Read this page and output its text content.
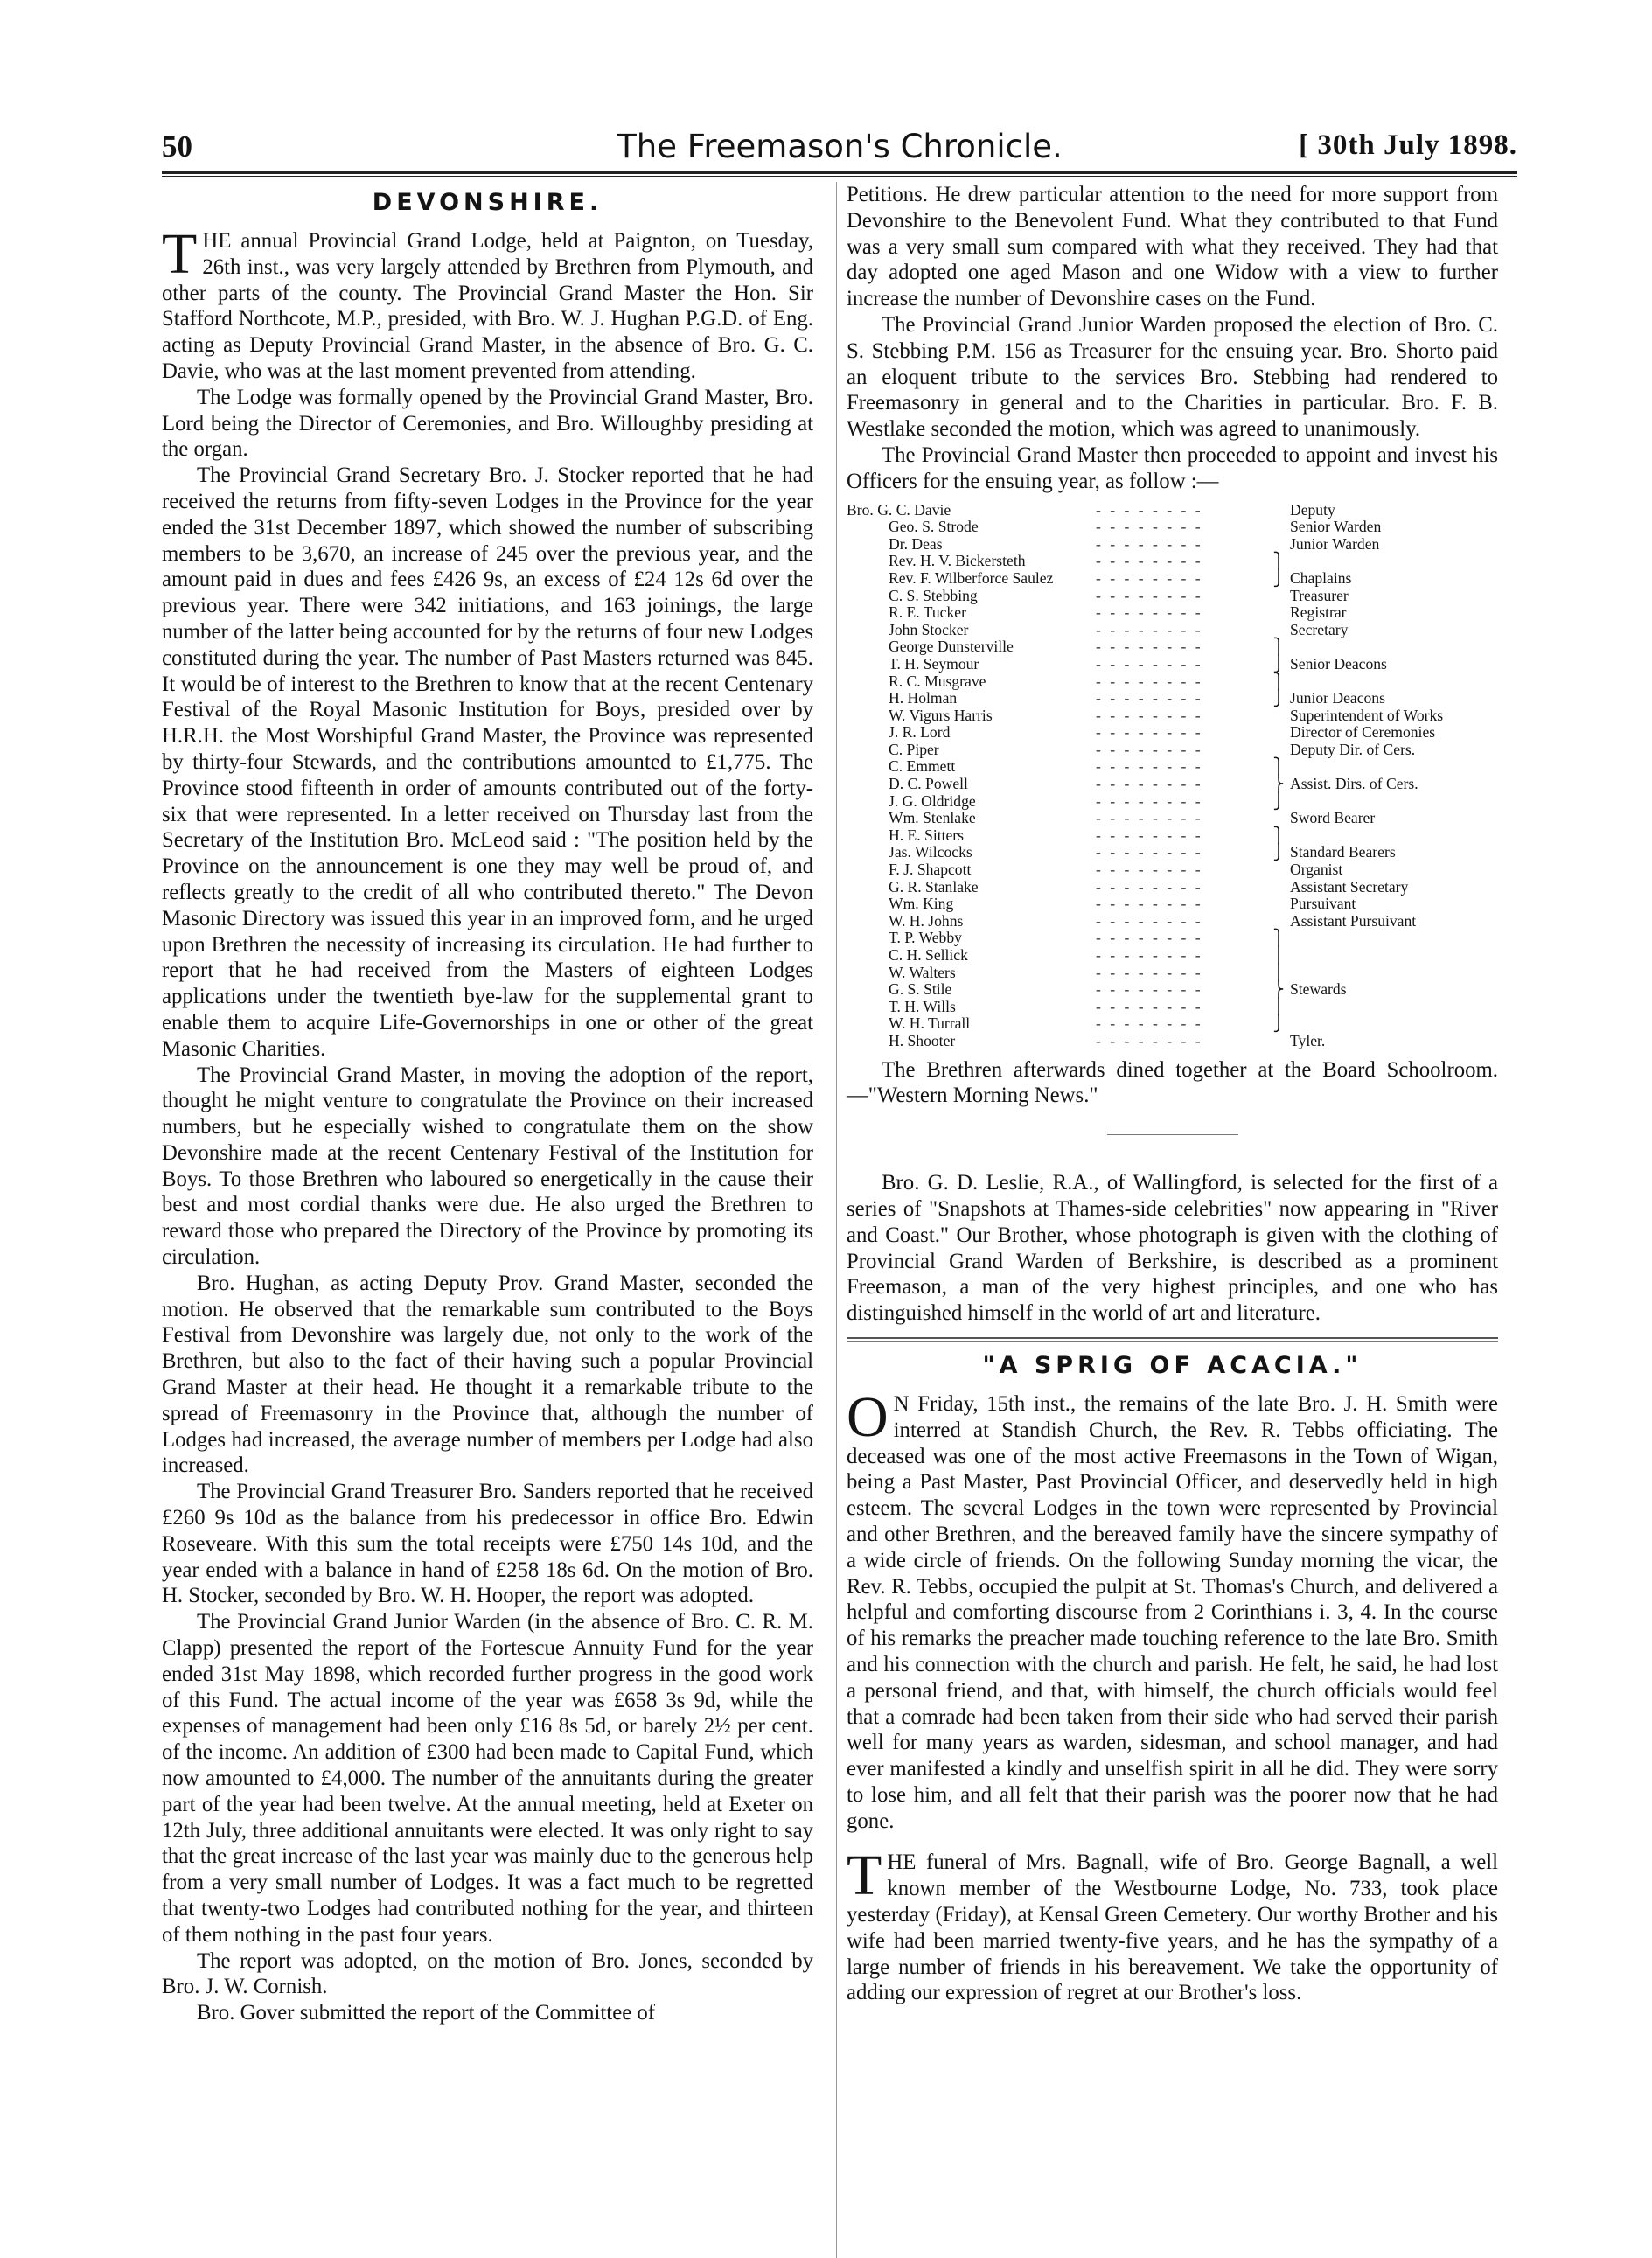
50	The Freemason's Chronicle.	[ 30th July 1898.
DEVONSHIRE.

THE annual Provincial Grand Lodge, held at Paignton, on Tuesday, 26th inst., was very largely attended by Brethren from Plymouth, and other parts of the county. The Provincial Grand Master the Hon. Sir Stafford Northcote, M.P., presided, with Bro. W. J. Hughan P.G.D. of Eng. acting as Deputy Provincial Grand Master, in the absence of Bro. G. C. Davie, who was at the last moment prevented from attending.

The Lodge was formally opened by the Provincial Grand Master, Bro. Lord being the Director of Ceremonies, and Bro. Willoughby presiding at the organ.

The Provincial Grand Secretary Bro. J. Stocker reported that he had received the returns from fifty-seven Lodges in the Province for the year ended the 31st December 1897, which showed the number of subscribing members to be 3,670, an increase of 245 over the previous year, and the amount paid in dues and fees £426 9s, an excess of £24 12s 6d over the previous year. There were 342 initiations, and 163 joinings, the large number of the latter being accounted for by the returns of four new Lodges constituted during the year. The number of Past Masters returned was 845. It would be of interest to the Brethren to know that at the recent Centenary Festival of the Royal Masonic Institution for Boys, presided over by H.R.H. the Most Worshipful Grand Master, the Province was represented by thirty-four Stewards, and the contributions amounted to £1,775. The Province stood fifteenth in order of amounts contributed out of the forty-six that were represented. In a letter received on Thursday last from the Secretary of the Institution Bro. McLeod said : "The position held by the Province on the announcement is one they may well be proud of, and reflects greatly to the credit of all who contributed thereto." The Devon Masonic Directory was issued this year in an improved form, and he urged upon Brethren the necessity of increasing its circulation. He had further to report that he had received from the Masters of eighteen Lodges applications under the twentieth bye-law for the supplemental grant to enable them to acquire Life-Governorships in one or other of the great Masonic Charities.

The Provincial Grand Master, in moving the adoption of the report, thought he might venture to congratulate the Province on their increased numbers, but he especially wished to congratulate them on the show Devonshire made at the recent Centenary Festival of the Institution for Boys. To those Brethren who laboured so energetically in the cause their best and most cordial thanks were due. He also urged the Brethren to reward those who prepared the Directory of the Province by promoting its circulation.

Bro. Hughan, as acting Deputy Prov. Grand Master, seconded the motion. He observed that the remarkable sum contributed to the Boys Festival from Devonshire was largely due, not only to the work of the Brethren, but also to the fact of their having such a popular Provincial Grand Master at their head. He thought it a remarkable tribute to the spread of Freemasonry in the Province that, although the number of Lodges had increased, the average number of members per Lodge had also increased.

The Provincial Grand Treasurer Bro. Sanders reported that he received £260 9s 10d as the balance from his predecessor in office Bro. Edwin Roseveare. With this sum the total receipts were £750 14s 10d, and the year ended with a balance in hand of £258 18s 6d. On the motion of Bro. H. Stocker, seconded by Bro. W. H. Hooper, the report was adopted.

The Provincial Grand Junior Warden (in the absence of Bro. C. R. M. Clapp) presented the report of the Fortescue Annuity Fund for the year ended 31st May 1898, which recorded further progress in the good work of this Fund. The actual income of the year was £658 3s 9d, while the expenses of management had been only £16 8s 5d, or barely 2½ per cent. of the income. An addition of £300 had been made to Capital Fund, which now amounted to £4,000. The number of the annuitants during the greater part of the year had been twelve. At the annual meeting, held at Exeter on 12th July, three additional annuitants were elected. It was only right to say that the great increase of the last year was mainly due to the generous help from a very small number of Lodges. It was a fact much to be regretted that twenty-two Lodges had contributed nothing for the year, and thirteen of them nothing in the past four years.

The report was adopted, on the motion of Bro. Jones, seconded by Bro. J. W. Cornish.

Bro. Gover submitted the report of the Committee of

Petitions. He drew particular attention to the need for more support from Devonshire to the Benevolent Fund. What they contributed to that Fund was a very small sum compared with what they received. They had that day adopted one aged Mason and one Widow with a view to further increase the number of Devonshire cases on the Fund.

The Provincial Grand Junior Warden proposed the election of Bro. C. S. Stebbing P.M. 156 as Treasurer for the ensuing year. Bro. Shorto paid an eloquent tribute to the services Bro. Stebbing had rendered to Freemasonry in general and to the Charities in particular. Bro. F. B. Westlake seconded the motion, which was agreed to unanimously.

The Provincial Grand Master then proceeded to appoint and invest his Officers for the ensuing year, as follow :—

Bro. G. C. Davie	- - - - - - - -	Deputy
Geo. S. Strode	- - - - - - - -	Senior Warden
Dr. Deas	- - - - - - - -	Junior Warden
Rev. H. V. Bickersteth	- - - - - - - -	⎫
Rev. F. Wilberforce Saulez	- - - - - - - -	⎭ Chaplains
C. S. Stebbing	- - - - - - - -	Treasurer
R. E. Tucker	- - - - - - - -	Registrar
John Stocker	- - - - - - - -	Secretary
George Dunsterville	- - - - - - - -	⎫
T. H. Seymour	- - - - - - - -	⎭ Senior Deacons
R. C. Musgrave	- - - - - - - -	⎫
H. Holman	- - - - - - - -	⎭ Junior Deacons
W. Vigurs Harris	- - - - - - - -	Superintendent of Works
J. R. Lord	- - - - - - - -	Director of Ceremonies
C. Piper	- - - - - - - -	Deputy Dir. of Cers.
C. Emmett	- - - - - - - -	⎫
D. C. Powell	- - - - - - - -	⎬ Assist. Dirs. of Cers.
J. G. Oldridge	- - - - - - - -	⎭
Wm. Stenlake	- - - - - - - -	Sword Bearer
H. E. Sitters	- - - - - - - -	⎫
Jas. Wilcocks	- - - - - - - -	⎭ Standard Bearers
F. J. Shapcott	- - - - - - - -	Organist
G. R. Stanlake	- - - - - - - -	Assistant Secretary
Wm. King	- - - - - - - -	Pursuivant
W. H. Johns	- - - - - - - -	Assistant Pursuivant
T. P. Webby	- - - - - - - -	⎫
C. H. Sellick	- - - - - - - -	⎪
W. Walters	- - - - - - - -	⎪
G. S. Stile	- - - - - - - -	⎬ Stewards
T. H. Wills	- - - - - - - -	⎪
W. H. Turrall	- - - - - - - -	⎭
H. Shooter	- - - - - - - -	Tyler.

The Brethren afterwards dined together at the Board Schoolroom.—"Western Morning News."

Bro. G. D. Leslie, R.A., of Wallingford, is selected for the first of a series of "Snapshots at Thames-side celebrities" now appearing in "River and Coast." Our Brother, whose photograph is given with the clothing of Provincial Grand Warden of Berkshire, is described as a prominent Freemason, a man of the very highest principles, and one who has distinguished himself in the world of art and literature.

"A SPRIG OF ACACIA."

O N Friday, 15th inst., the remains of the late Bro. J. H. Smith were interred at Standish Church, the Rev. R. Tebbs officiating. The deceased was one of the most active Freemasons in the Town of Wigan, being a Past Master, Past Provincial Officer, and deservedly held in high esteem. The several Lodges in the town were represented by Provincial and other Brethren, and the bereaved family have the sincere sympathy of a wide circle of friends. On the following Sunday morning the vicar, the Rev. R. Tebbs, occupied the pulpit at St. Thomas's Church, and delivered a helpful and comforting discourse from 2 Corinthians i. 3, 4. In the course of his remarks the preacher made touching reference to the late Bro. Smith and his connection with the church and parish. He felt, he said, he had lost a personal friend, and that, with himself, the church officials would feel that a comrade had been taken from their side who had served their parish well for many years as warden, sidesman, and school manager, and had ever manifested a kindly and unselfish spirit in all he did. They were sorry to lose him, and all felt that their parish was the poorer now that he had gone.

THE funeral of Mrs. Bagnall, wife of Bro. George Bagnall, a well known member of the Westbourne Lodge, No. 733, took place yesterday (Friday), at Kensal Green Cemetery. Our worthy Brother and his wife had been married twenty-five years, and he has the sympathy of a large number of friends in his bereavement. We take the opportunity of adding our expression of regret at our Brother's loss.
